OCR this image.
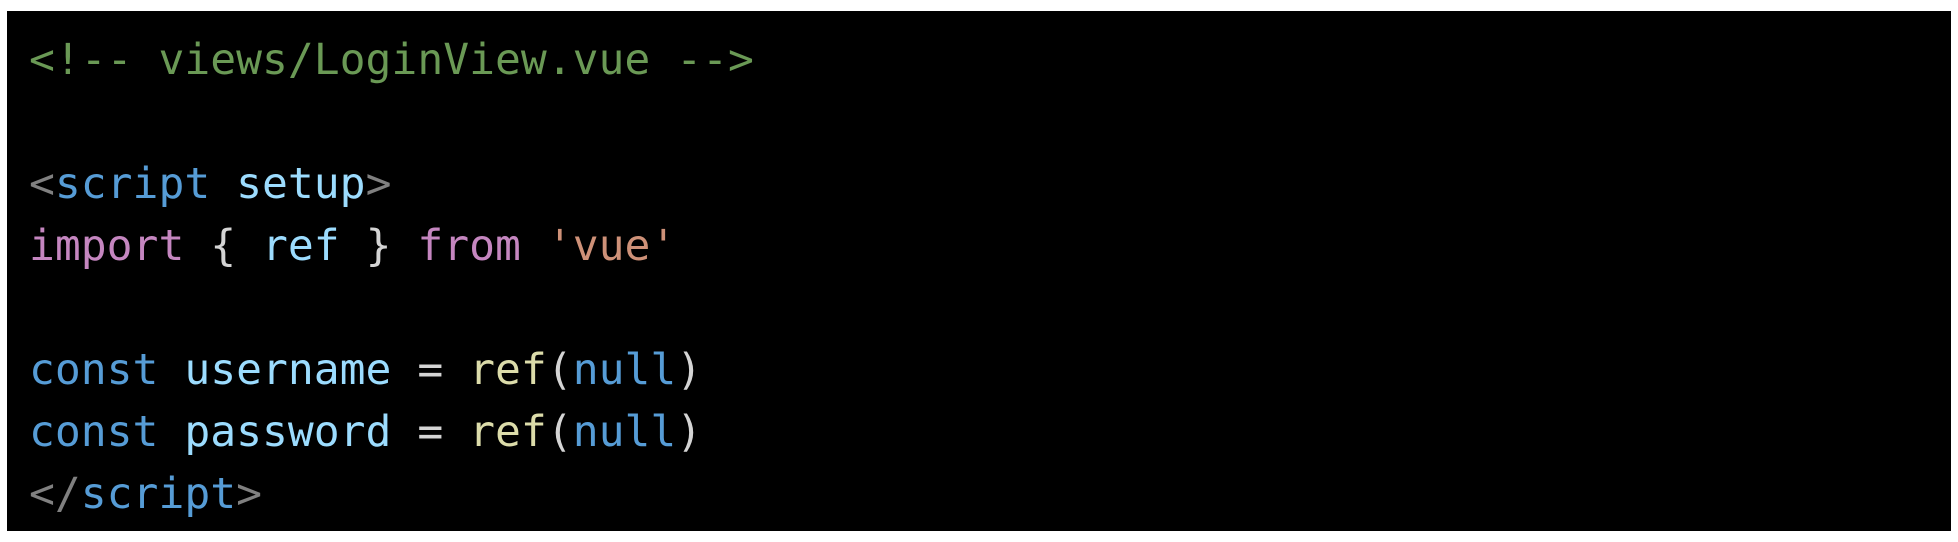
<!-- views/LoginView.vue -->
<script setup>
import { ref } from 'vue'
const username = ref(null)
const password = ref(null)
</script>
